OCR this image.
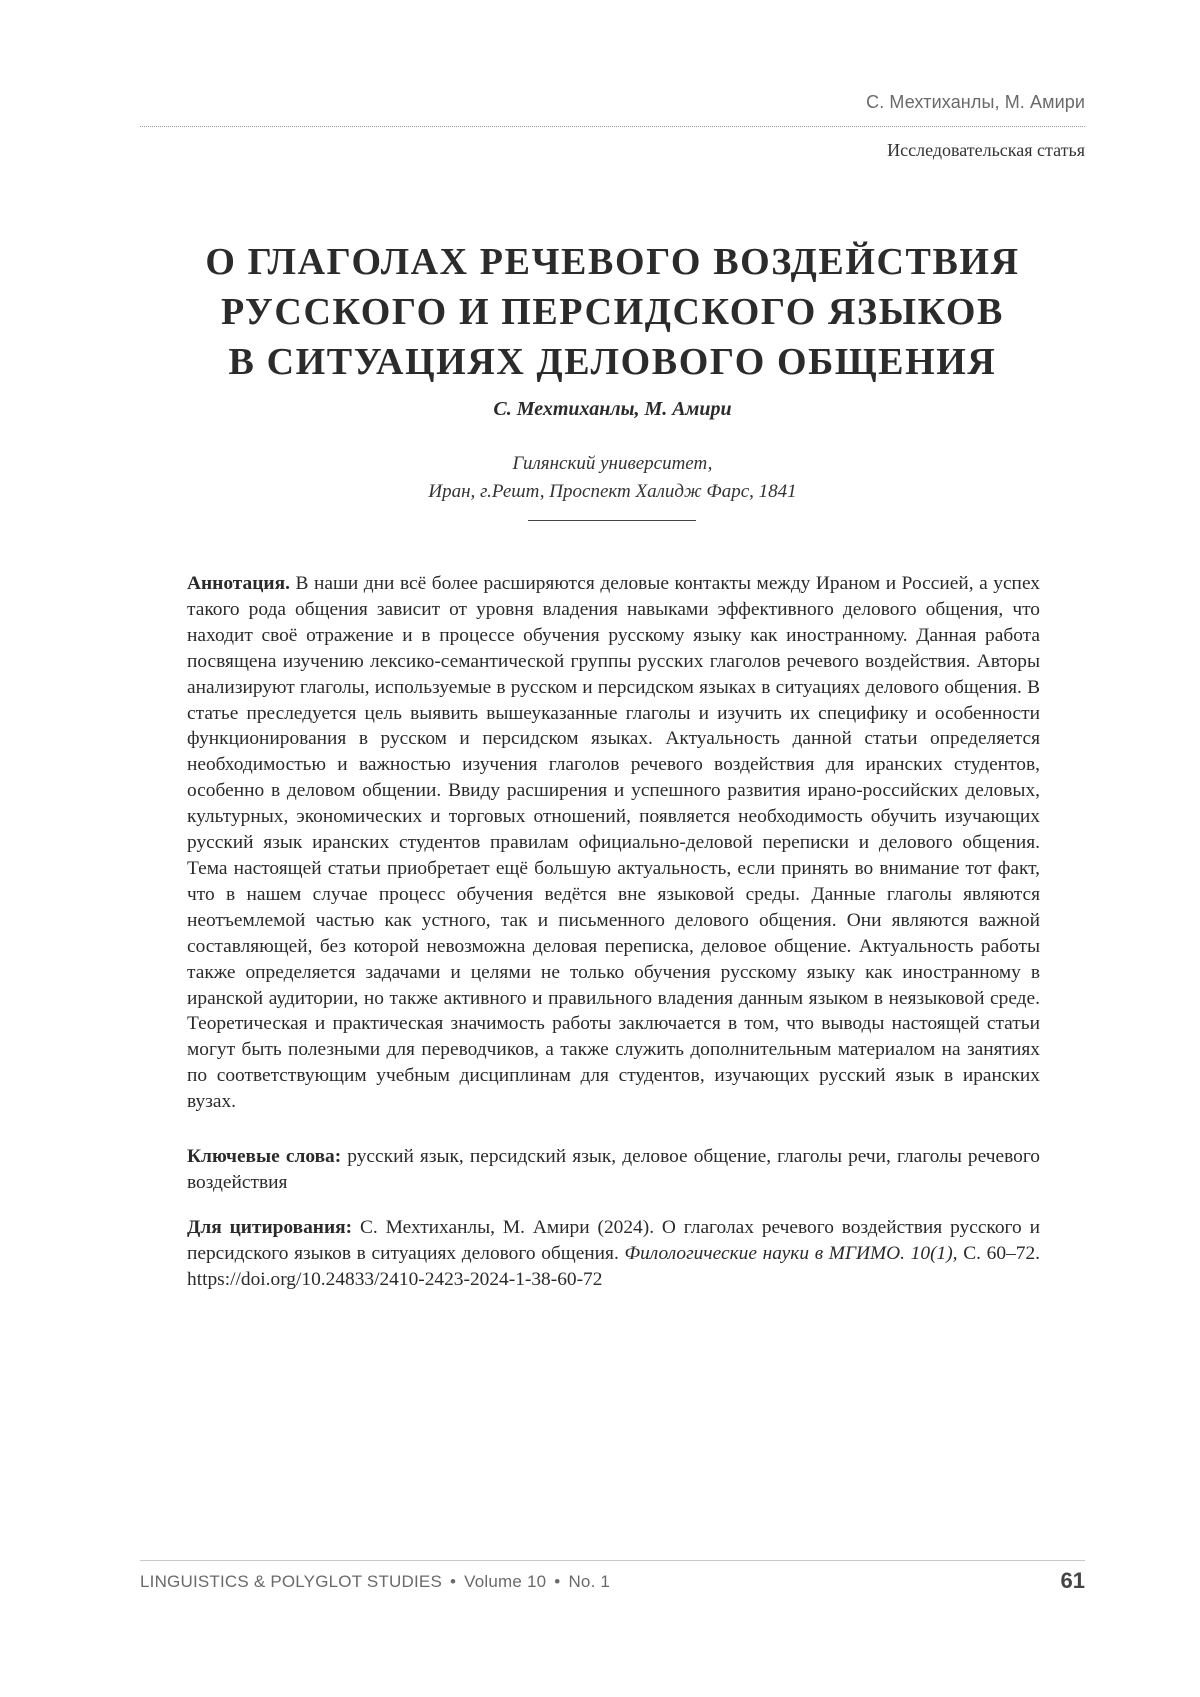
С. Мехтиханлы, М. Амири
Исследовательская статья
О ГЛАГОЛАХ РЕЧЕВОГО ВОЗДЕЙСТВИЯ
РУССКОГО И ПЕРСИДСКОГО ЯЗЫКОВ
В СИТУАЦИЯХ ДЕЛОВОГО ОБЩЕНИЯ
С. Мехтиханлы, М. Амири
Гилянский университет,
Иран, г.Решт, Проспект Халидж Фарс, 1841

Аннотация. В наши дни всё более расширяются деловые контакты между Ираном и Россией, а успех такого рода общения зависит от уровня владения навыками эффективного делового общения, что находит своё отражение и в процессе обучения русскому языку как иностранному. Данная работа посвящена изучению лексико-семантической группы русских глаголов речевого воздействия. Авторы анализируют глаголы, используемые в русском и персидском языках в ситуациях делового общения. В статье преследуется цель выявить вышеуказанные глаголы и изучить их специфику и особенности функционирования в русском и персидском языках. Актуальность данной статьи определяется необходимостью и важностью изучения глаголов речевого воздействия для иранских студентов, особенно в деловом общении. Ввиду расширения и успешного развития ирано-российских деловых, культурных, экономических и торговых отношений, появляется необходимость обучить изучающих русский язык иранских студентов правилам официально-деловой переписки и делового общения. Тема настоящей статьи приобретает ещё большую актуальность, если принять во внимание тот факт, что в нашем случае процесс обучения ведётся вне языковой среды. Данные глаголы являются неотъемлемой частью как устного, так и письменного делового общения. Они являются важной составляющей, без которой невозможна деловая переписка, деловое общение. Актуальность работы также определяется задачами и целями не только обучения русскому языку как иностранному в иранской аудитории, но также активного и правильного владения данным языком в неязыковой среде. Теоретическая и практическая значимость работы заключается в том, что выводы настоящей статьи могут быть полезными для переводчиков, а также служить дополнительным материалом на занятиях по соответствующим учебным дисциплинам для студентов, изучающих русский язык в иранских вузах.

Ключевые слова: русский язык, персидский язык, деловое общение, глаголы речи, глаголы речевого воздействия

Для цитирования: С. Мехтиханлы, М. Амири (2024). О глаголах речевого воздействия русского и персидского языков в ситуациях делового общения. Филологические науки в МГИМО. 10(1), С. 60–72. https://doi.org/10.24833/2410-2423-2024-1-38-60-72

LINGUISTICS & POLYGLOT STUDIES • Volume 10 • No. 1	61
